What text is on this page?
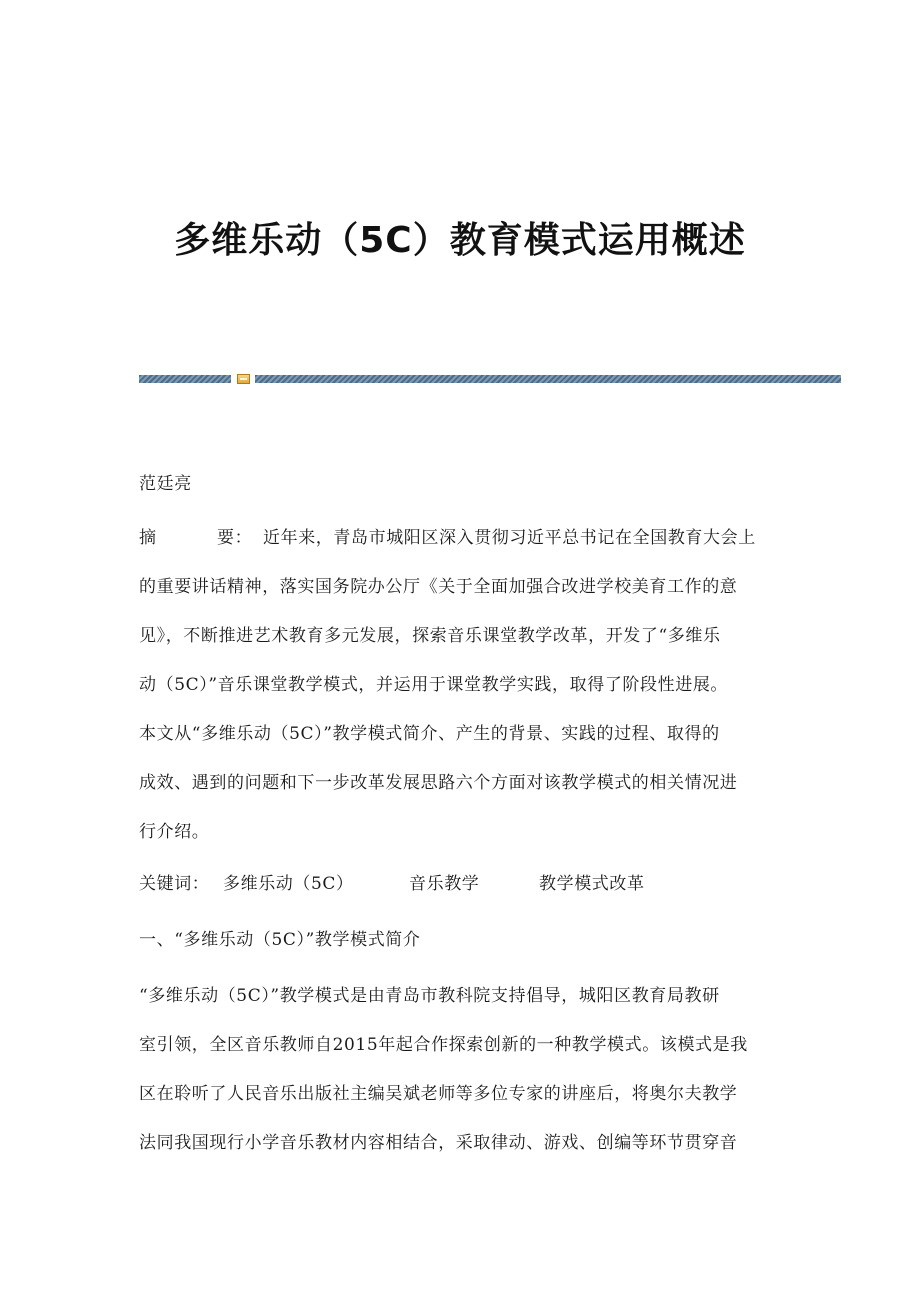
多维乐动（5C）教育模式运用概述
范廷亮
摘	要： 近年来，青岛市城阳区深入贯彻习近平总书记在全国教育大会上
的重要讲话精神，落实国务院办公厅《关于全面加强合改进学校美育工作的意
见》，不断推进艺术教育多元发展，探索音乐课堂教学改革，开发了“多维乐
动（5C）”音乐课堂教学模式，并运用于课堂教学实践，取得了阶段性进展。
本文从“多维乐动（5C）”教学模式简介、产生的背景、实践的过程、取得的
成效、遇到的问题和下一步改革发展思路六个方面对该教学模式的相关情况进
行介绍。
关键词： 多维乐动（5C）	音乐教学	教学模式改革
一、“多维乐动（5C）”教学模式简介
“多维乐动（5C）”教学模式是由青岛市教科院支持倡导，城阳区教育局教研
室引领，全区音乐教师自2015年起合作探索创新的一种教学模式。该模式是我
区在聆听了人民音乐出版社主编吴斌老师等多位专家的讲座后，将奥尔夫教学
法同我国现行小学音乐教材内容相结合，采取律动、游戏、创编等环节贯穿音
